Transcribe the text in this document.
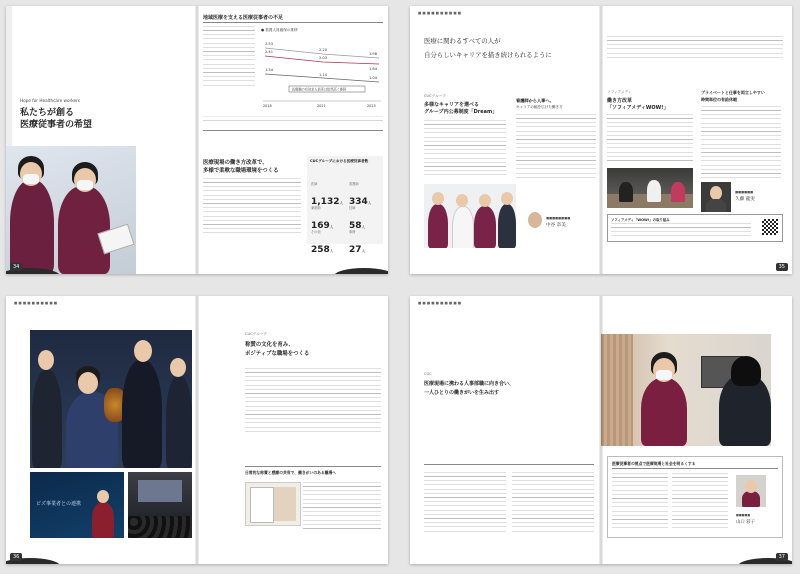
Hope for Healthcare workers
私たちが創る
医療従事者の希望
34
地域医療を支える医療従事者の不足
● 看護人員確保の推移
医療職の有効求人倍率は依然高く推移
2.53
2.41	2.20
2.03
1.98
1.84
1.34
1.14
1.04
2018	2021	2023
医療現場の働き方改革で、
多様で柔軟な職場環境をつくる
CUCグループにおける医療従事者数
医師
1,132人
看護師
334人
薬剤師
169人
技師
58人
その他
258人
事務
27人
■ ■ ■ ■ ■ ■ ■ ■ ■ ■
医療に関わるすべての人が
自分らしいキャリアを描き続けられるように
CUCグループ
多様なキャリアを選べる
グループ内公募制度「Dream」
看護師から人事へ。
キャリアの幅を広げた働き方
■■■■■■■■
中谷 奈美
ソフィアメディ
働き方改革
「ソフィアメディWOW!」
プライベートと仕事を両立しやすい
時間単位の有給休暇
■■■■■■
久藤 龍実
ソフィアメディ「WOW!」の取り組み
35
■ ■ ■ ■ ■ ■ ■ ■ ■ ■
ビズ事業者との連携
36
CUCグループ
称賛の文化を育み、
ポジティブな職場をつくる
日常的な称賛と感謝の共有で、働きがいのある職場へ
■ ■ ■ ■ ■ ■ ■ ■ ■ ■
CUC
医療現場に携わる人事部職に向き合い、
一人ひとりの働きがいを生み出す
医療従事者の視点で医療現場と社会を明るくする
■■■■■
山口 彩子
37
